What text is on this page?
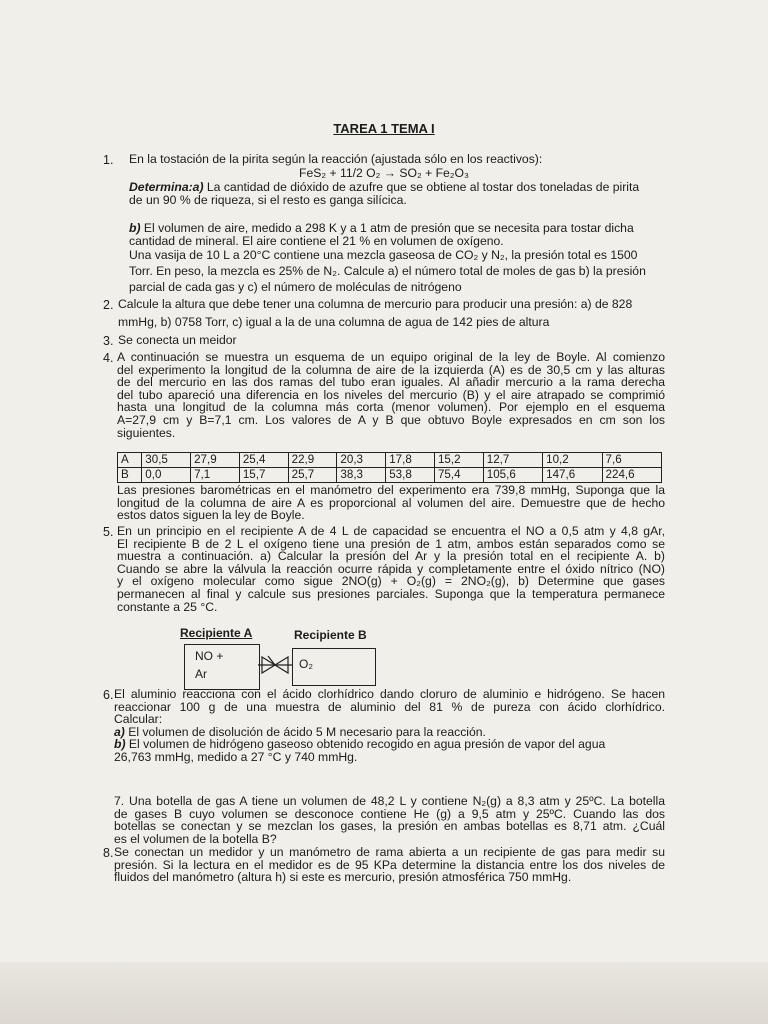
TAREA 1 TEMA I
1. En la tostación de la pirita según la reacción (ajustada sólo en los reactivos):
FeS₂ + 11/2 O₂ → SO₂ + Fe₂O₃
Determina:a) La cantidad de dióxido de azufre que se obtiene al tostar dos toneladas de pirita
de un 90 % de riqueza, si el resto es ganga silícica.
b) El volumen de aire, medido a 298 K y a 1 atm de presión que se necesita para tostar dicha
cantidad de mineral. El aire contiene el 21 % en volumen de oxígeno.
Una vasija de 10 L a 20°C contiene una mezcla gaseosa de CO₂ y N₂, la presión total es 1500
Torr. En peso, la mezcla es 25% de N₂. Calcule a) el número total de moles de gas b) la presión
parcial de cada gas y c) el número de moléculas de nitrógeno
2. Calcule la altura que debe tener una columna de mercurio para producir una presión: a) de 828
mmHg, b) 0758 Torr, c) igual a la de una columna de agua de 142 pies de altura
3. Se conecta un meidor
4. A continuación se muestra un esquema de un equipo original de la ley de Boyle. Al comienzo
del experimento la longitud de la columna de aire de la izquierda (A) es de 30,5 cm y las alturas
de del mercurio en las dos ramas del tubo eran iguales. Al añadir mercurio a la rama derecha
del tubo apareció una diferencia en los niveles del mercurio (B) y el aire atrapado se comprimió
hasta una longitud de la columna más corta (menor volumen). Por ejemplo en el esquema
A=27,9 cm y B=7,1 cm. Los valores de A y B que obtuvo Boyle expresados en cm son los
siguientes.
A	30,5	27,9	25,4	22,9	20,3	17,8	15,2	12,7	10,2	7,6
B	0,0	7,1	15,7	25,7	38,3	53,8	75,4	105,6	147,6	224,6
Las presiones barométricas en el manómetro del experimento era 739,8 mmHg, Suponga que la
longitud de la columna de aire A es proporcional al volumen del aire. Demuestre que de hecho
estos datos siguen la ley de Boyle.
5. En un principio en el recipiente A de 4 L de capacidad se encuentra el NO a 0,5 atm y 4,8 gAr,
El recipiente B de 2 L el oxígeno tiene una presión de 1 atm, ambos están separados como se
muestra a continuación. a) Calcular la presión del Ar y la presión total en el recipiente A. b)
Cuando se abre la válvula la reacción ocurre rápida y completamente entre el óxido nítrico (NO)
y el oxígeno molecular como sigue 2NO(g) + O₂(g) = 2NO₂(g), b) Determine que gases
permanecen al final y calcule sus presiones parciales. Suponga que la temperatura permanece
constante a 25 °C.
Recipiente A	Recipiente B
NO +
Ar
O₂
6. El aluminio reacciona con el ácido clorhídrico dando cloruro de aluminio e hidrógeno. Se hacen
reaccionar 100 g de una muestra de aluminio del 81 % de pureza con ácido clorhídrico.
Calcular:
a) El volumen de disolución de ácido 5 M necesario para la reacción.
b) El volumen de hidrógeno gaseoso obtenido recogido en agua presión de vapor del agua
26,763 mmHg, medido a 27 °C y 740 mmHg.
7. Una botella de gas A tiene un volumen de 48,2 L y contiene N₂(g) a 8,3 atm y 25ºC. La botella
de gases B cuyo volumen se desconoce contiene He (g) a 9,5 atm y 25ºC. Cuando las dos
botellas se conectan y se mezclan los gases, la presión en ambas botellas es 8,71 atm. ¿Cuál
es el volumen de la botella B?
8. Se conectan un medidor y un manómetro de rama abierta a un recipiente de gas para medir su
presión. Si la lectura en el medidor es de 95 KPa determine la distancia entre los dos niveles de
fluidos del manómetro (altura h) si este es mercurio, presión atmosférica 750 mmHg.
